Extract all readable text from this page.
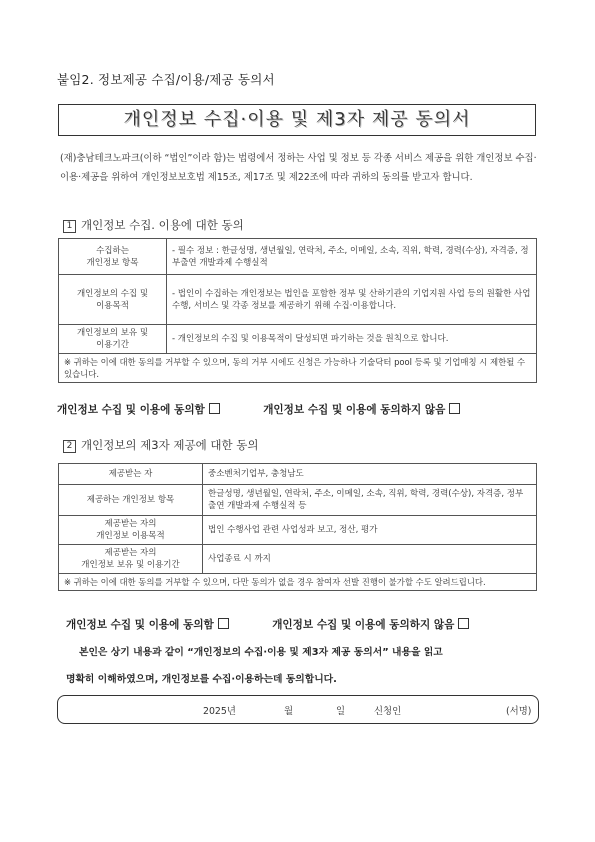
붙임2. 정보제공 수집/이용/제공 동의서
개인정보 수집·이용 및 제3자 제공 동의서
(재)충남테크노파크(이하 “법인”이라 함)는 법령에서 정하는 사업 및 정보 등 각종 서비스 제공을 위한 개인정보 수집·이용·제공을 위하여 개인정보보호법 제15조, 제17조 및 제22조에 따라 귀하의 동의를 받고자 합니다.
1 개인정보 수집. 이용에 대한 동의
수집하는
개인정보 항목	- 필수 정보 : 한글성명, 생년월일, 연락처, 주소, 이메일, 소속, 직위, 학력, 경력(수상), 자격증, 정부출연 개발과제 수행실적
개인정보의 수집 및
이용목적	- 법인이 수집하는 개인정보는 법인을 포함한 정부 및 산하기관의 기업지원 사업 등의 원활한 사업수행, 서비스 및 각종 정보를 제공하기 위해 수집·이용합니다.
개인정보의 보유 및
이용기간	- 개인정보의 수집 및 이용목적이 달성되면 파기하는 것을 원칙으로 합니다.
※ 귀하는 이에 대한 동의를 거부할 수 있으며, 동의 거부 시에도 신청은 가능하나 기술닥터 pool 등록 및 기업매칭 시 제한될 수 있습니다.	
개인정보 수집 및 이용에 동의함	개인정보 수집 및 이용에 동의하지 않음
2 개인정보의 제3자 제공에 대한 동의
제공받는 자	중소벤처기업부, 충청남도
제공하는 개인정보 항목	한글성명, 생년월일, 연락처, 주소, 이메일, 소속, 직위, 학력, 경력(수상), 자격증, 정부출연 개발과제 수행실적 등
제공받는 자의
개인정보 이용목적	법인 수행사업 관련 사업성과 보고, 정산, 평가
제공받는 자의
개인정보 보유 및 이용기간	사업종료 시 까지
※ 귀하는 이에 대한 동의를 거부할 수 있으며, 다만 동의가 없을 경우 참여자 선발 진행이 불가할 수도 알려드립니다.	
개인정보 수집 및 이용에 동의함	개인정보 수집 및 이용에 동의하지 않음
본인은 상기 내용과 같이 “개인정보의 수집·이용 및 제3자 제공 동의서” 내용을 읽고
명확히 이해하였으며, 개인정보를 수집·이용하는데 동의합니다.
2025년	월	일	신청인	(서명)
